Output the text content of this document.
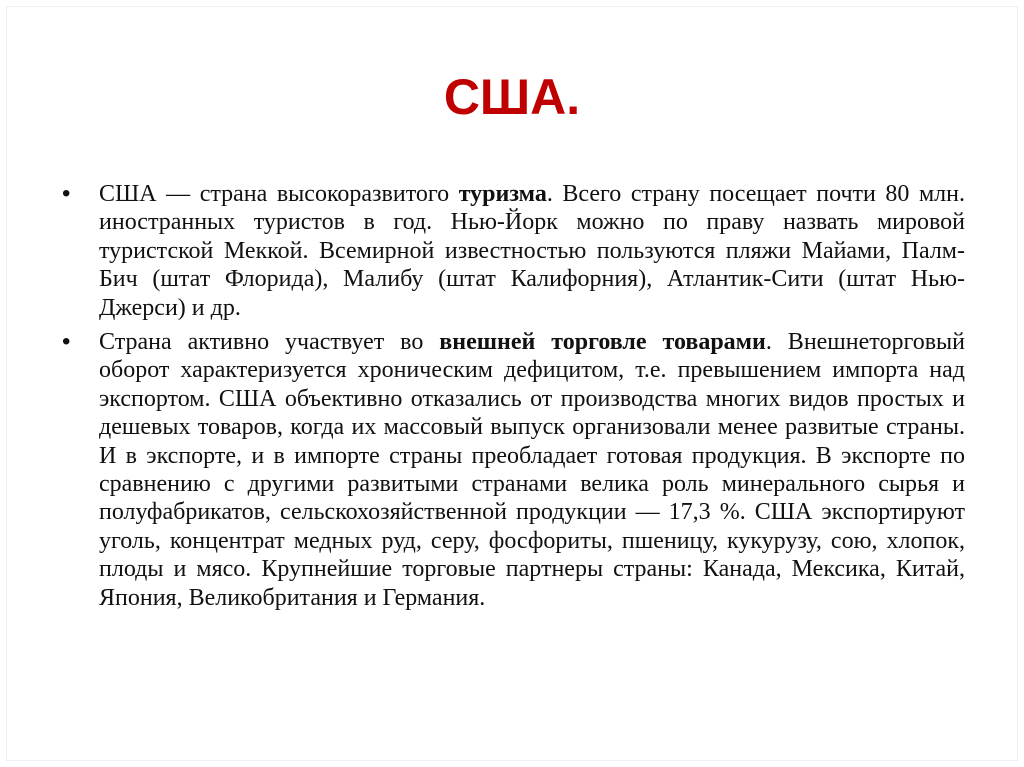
США.
• США — страна высокоразвитого туризма. Всего страну посещает почти 80 млн. иностранных туристов в год. Нью-Йорк можно по праву назвать мировой туристской Меккой. Всемирной известностью пользуются пляжи Майами, Палм-Бич (штат Флорида), Малибу (штат Калифорния), Атлантик-Сити (штат Нью-Джерси) и др.
• Страна активно участвует во внешней торговле товарами. Внешнеторговый оборот характеризуется хроническим дефицитом, т.е. превышением импорта над экспортом. США объективно отказались от производства многих видов простых и дешевых товаров, когда их массовый выпуск организовали менее развитые страны. И в экспорте, и в импорте страны преобладает готовая продукция. В экспорте по сравнению с другими развитыми странами велика роль минерального сырья и полуфабрикатов, сельскохозяйственной продукции — 17,3 %. США экспортируют уголь, концентрат медных руд, серу, фосфориты, пшеницу, кукурузу, сою, хлопок, плоды и мясо. Крупнейшие торговые партнеры страны: Канада, Мексика, Китай, Япония, Великобритания и Германия.
